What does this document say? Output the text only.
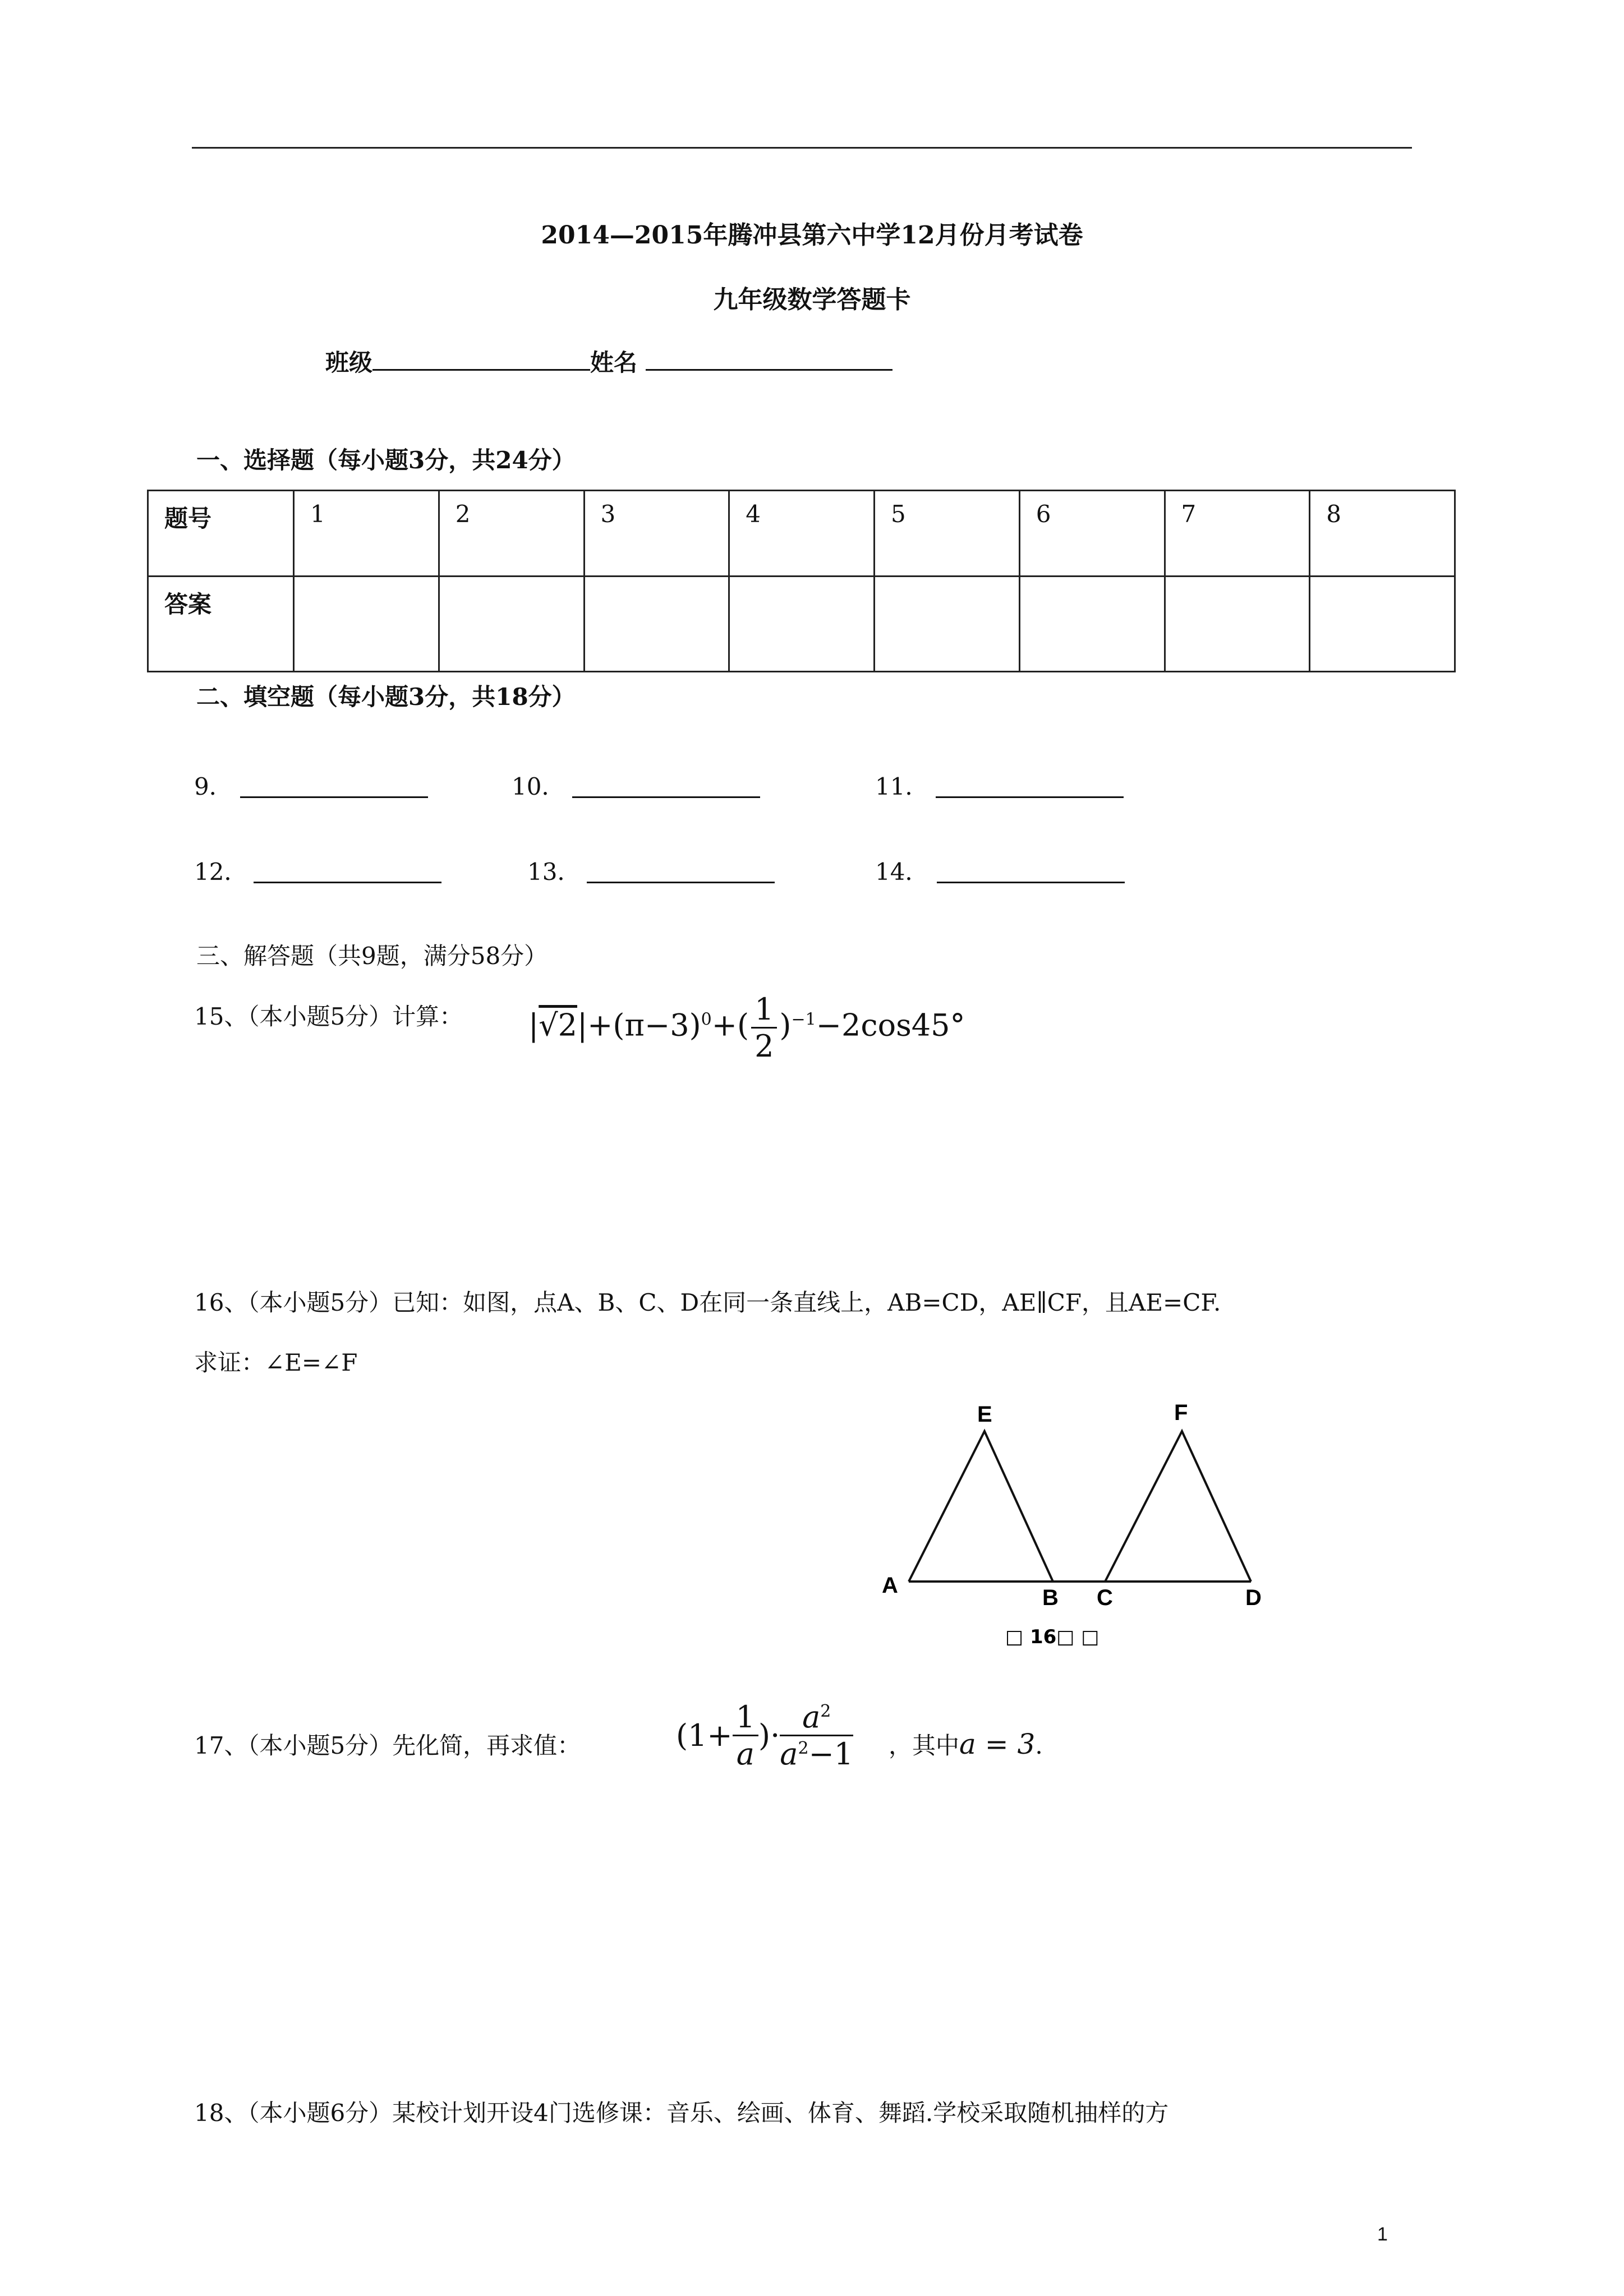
2014—2015年腾冲县第六中学12月份月考试卷
九年级数学答题卡
班级	姓名
一、选择题（每小题3分，共24分）
题号	1	2	3	4	5	6	7	8
答案								
二、填空题（每小题3分，共18分）
9．	10．	11．
12．	13．	14．
三、解答题（共9题，满分58分）
15、（本小题5分）计算： $|√2|+(\pi-3)^0+( \frac{1}{2} )^{-1}-2\cos 45^\circ$
16、（本小题5分）已知：如图，点A、B、C、D在同一条直线上，AB=CD，AE∥CF，且AE=CF.
求证：∠E=∠F
E	F
A	B C	D
□ 16□ □
17、（本小题5分）先化简，再求值：	($1+ \frac{1}{a}$ )· $\frac{a^2}{a^2-1}$ ，其中a = 3.
18、（本小题6分）某校计划开设4门选修课：音乐、绘画、体育、舞蹈.学校采取随机抽样的方
1
